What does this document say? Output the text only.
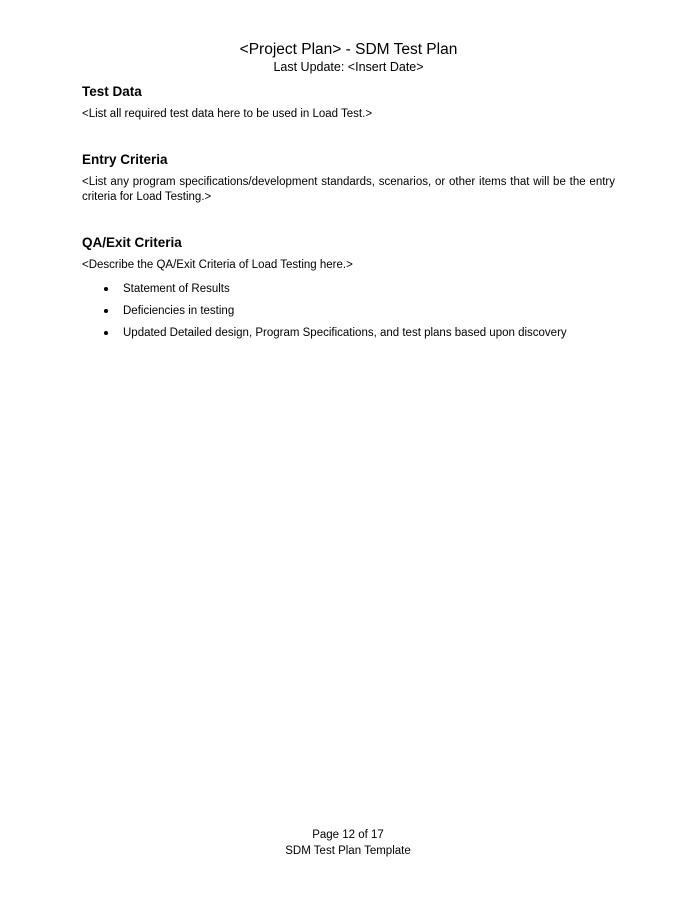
<Project Plan> - SDM Test Plan
Last Update: <Insert Date>
Test Data

<List all required test data here to be used in Load Test.>

Entry Criteria

<List any program specifications/development standards, scenarios, or other items that will be the entry criteria for Load Testing.>

QA/Exit Criteria

<Describe the QA/Exit Criteria of Load Testing here.>

Statement of Results
Deficiencies in testing
Updated Detailed design, Program Specifications, and test plans based upon discovery
Page 12 of 17
SDM Test Plan Template
